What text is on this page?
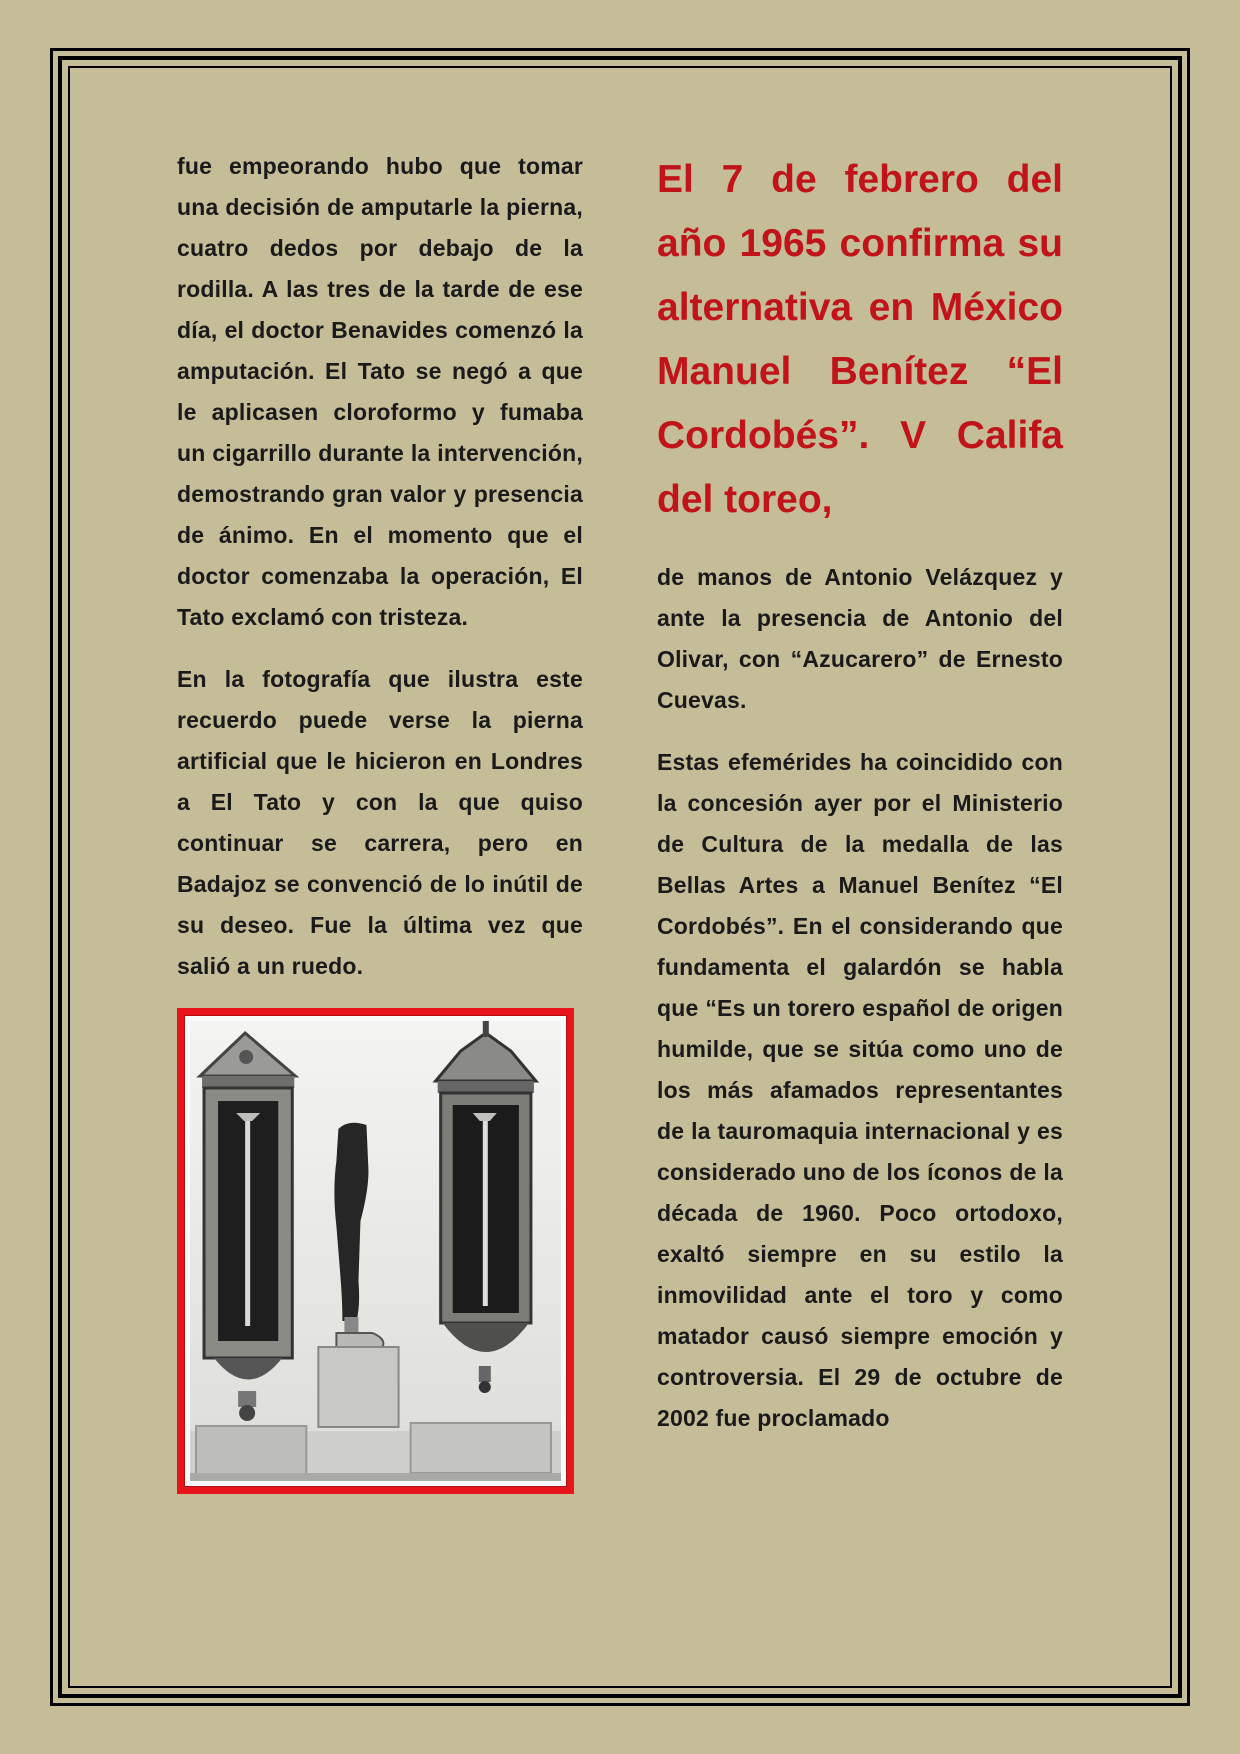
fue empeorando hubo que tomar una decisión de amputarle la pierna, cuatro dedos por debajo de la rodilla. A las tres de la tarde de ese día, el doctor Benavides comenzó la amputación. El Tato se negó a que le aplicasen cloroformo y fumaba un cigarrillo durante la intervención, demostrando gran valor y presencia de ánimo. En el momento que el doctor comenzaba la operación, El Tato exclamó con tristeza.

En la fotografía que ilustra este recuerdo puede verse la pierna artificial que le hicieron en Londres a El Tato y con la que quiso continuar se carrera, pero en Badajoz se convenció de lo inútil de su deseo. Fue la última vez que salió a un ruedo.

El 7 de febrero del año 1965 confirma su alternativa en México Manuel Benítez “El Cordobés”. V Califa del toreo,

de manos de Antonio Velázquez y ante la presencia de Antonio del Olivar, con “Azucarero” de Ernesto Cuevas.

Estas efemérides ha coincidido con la concesión ayer por el Ministerio de Cultura de la medalla de las Bellas Artes a Manuel Benítez “El Cordobés”. En el considerando que fundamenta el galardón se habla que “Es un torero español de origen humilde, que se sitúa como uno de los más afamados representantes de la tauromaquia internacional y es considerado uno de los íconos de la década de 1960. Poco ortodoxo, exaltó siempre en su estilo la inmovilidad ante el toro y como matador causó siempre emoción y controversia. El 29 de octubre de 2002 fue proclamado
